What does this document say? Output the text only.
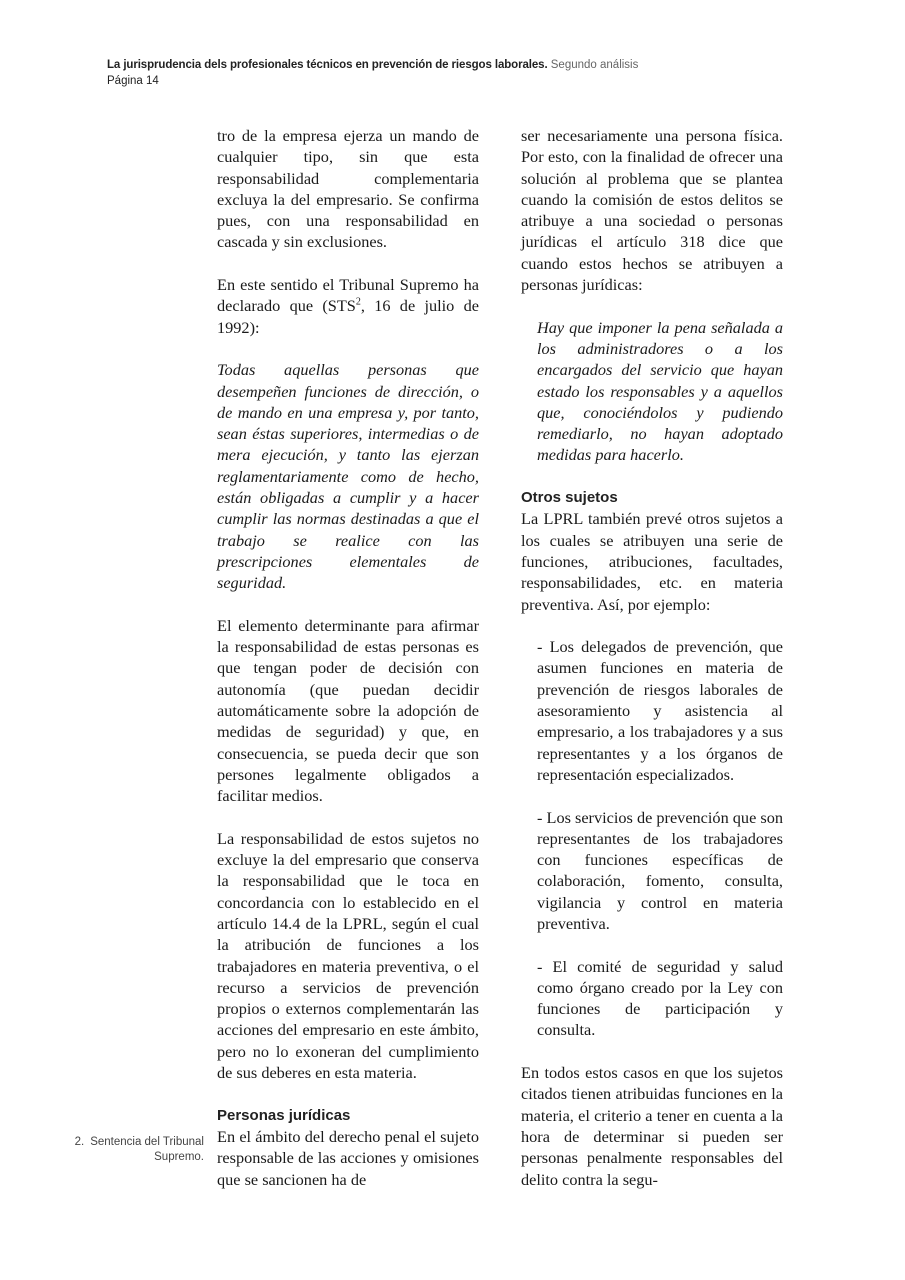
La jurisprudencia dels profesionales técnicos en prevención de riesgos laborales. Segundo análisis
Página 14

tro de la empresa ejerza un mando de cualquier tipo, sin que esta responsabilidad complementaria excluya la del empresario. Se confirma pues, con una responsabilidad en cascada y sin exclusiones.

En este sentido el Tribunal Supremo ha declarado que (STS$^2$, 16 de julio de 1992):

Todas aquellas personas que desempeñen funciones de dirección, o de mando en una empresa y, por tanto, sean éstas superiores, intermedias o de mera ejecución, y tanto las ejerzan reglamentariamente como de hecho, están obligadas a cumplir y a hacer cumplir las normas destinadas a que el trabajo se realice con las prescripciones elementales de seguridad.

El elemento determinante para afirmar la responsabilidad de estas personas es que tengan poder de decisión con autonomía (que puedan decidir automáticamente sobre la adopción de medidas de seguridad) y que, en consecuencia, se pueda decir que son persones legalmente obligados a facilitar medios.

La responsabilidad de estos sujetos no excluye la del empresario que conserva la responsabilidad que le toca en concordancia con lo establecido en el artículo 14.4 de la LPRL, según el cual la atribución de funciones a los trabajadores en materia preventiva, o el recurso a servicios de prevención propios o externos complementarán las acciones del empresario en este ámbito, pero no lo exoneran del cumplimiento de sus deberes en esta materia.

Personas jurídicas

En el ámbito del derecho penal el sujeto responsable de las acciones y omisiones que se sancionen ha de

ser necesariamente una persona física. Por esto, con la finalidad de ofrecer una solución al problema que se plantea cuando la comisión de estos delitos se atribuye a una sociedad o personas jurídicas el artículo 318 dice que cuando estos hechos se atribuyen a personas jurídicas:

Hay que imponer la pena señalada a los administradores o a los encargados del servicio que hayan estado los responsables y a aquellos que, conociéndolos y pudiendo remediarlo, no hayan adoptado medidas para hacerlo.

Otros sujetos

La LPRL también prevé otros sujetos a los cuales se atribuyen una serie de funciones, atribuciones, facultades, responsabilidades, etc. en materia preventiva. Así, por ejemplo:

- Los delegados de prevención, que asumen funciones en materia de prevención de riesgos laborales de asesoramiento y asistencia al empresario, a los trabajadores y a sus representantes y a los órganos de representación especializados.

- Los servicios de prevención que son representantes de los trabajadores con funciones específicas de colaboración, fomento, consulta, vigilancia y control en materia preventiva.

- El comité de seguridad y salud como órgano creado por la Ley con funciones de participación y consulta.

En todos estos casos en que los sujetos citados tienen atribuidas funciones en la materia, el criterio a tener en cuenta a la hora de determinar si pueden ser personas penalmente responsables del delito contra la segu-

2. Sentencia del Tribunal Supremo.
